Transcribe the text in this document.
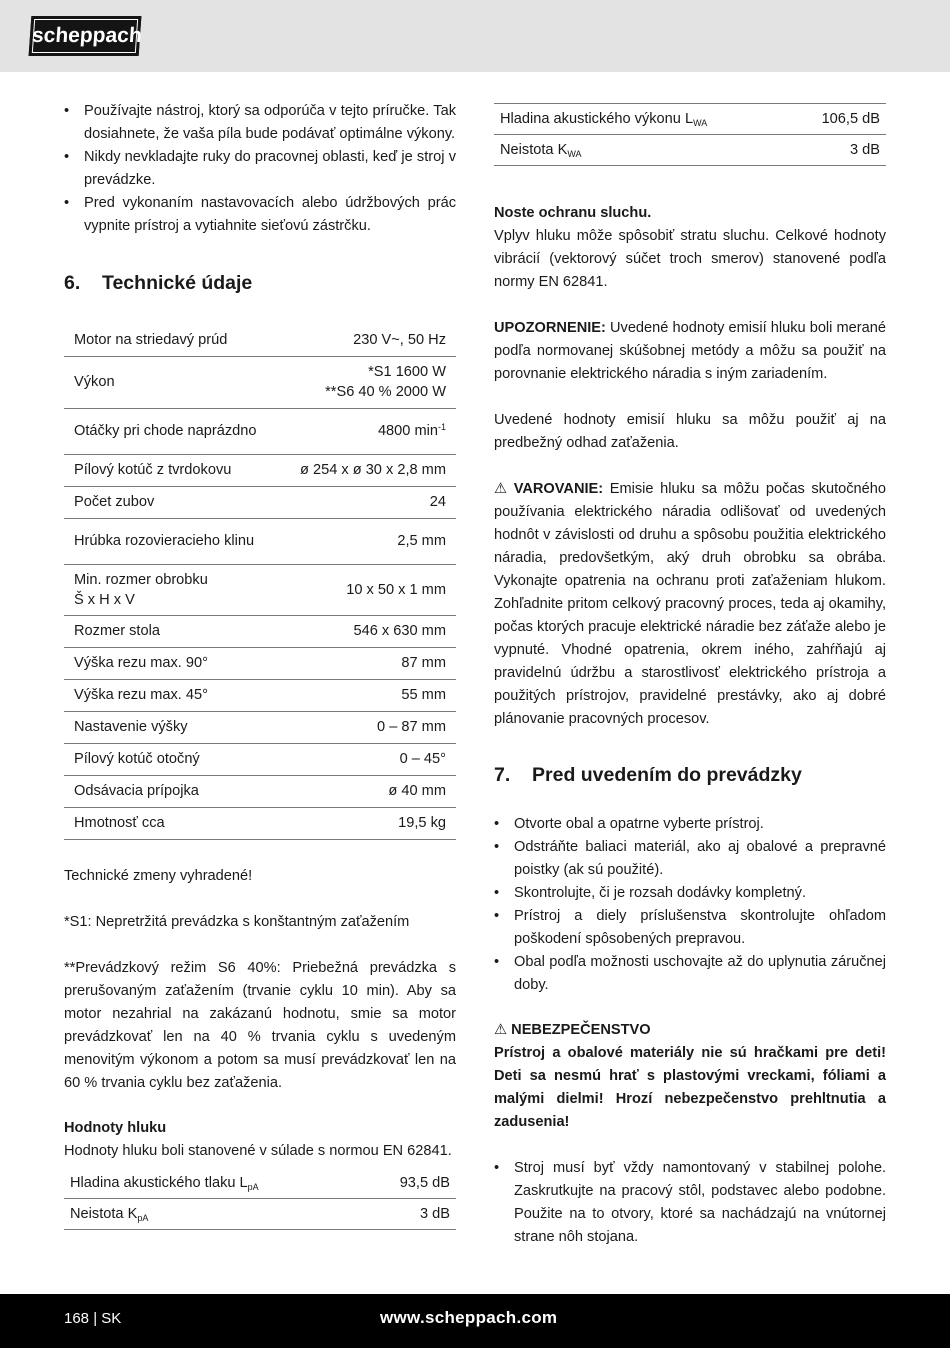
scheppach
• Používajte nástroj, ktorý sa odporúča v tejto príručke. Tak dosiahnete, že vaša píla bude podávať optimálne výkony.
• Nikdy nevkladajte ruky do pracovnej oblasti, keď je stroj v prevádzke.
• Pred vykonaním nastavovacích alebo údržbových prác vypnite prístroj a vytiahnite sieťovú zástrčku.
6.	Technické údaje
Motor na striedavý prúd	230 V~, 50 Hz
Výkon	*S1 1600 W
**S6 40 % 2000 W

Otáčky pri chode naprázdno	4800 $\min^{-1}$
Pílový kotúč z tvrdokovu	ø 254 x ø 30 x 2,8 mm
Počet zubov	24
Hrúbka rozovieracieho klinu	2,5 mm

Min. rozmer obrobku
Š x H x V	10 x 50 x 1 mm
Rozmer stola	546 x 630 mm
Výška rezu max. 90°	87 mm
Výška rezu max. 45°	55 mm
Nastavenie výšky	0 – 87 mm
Pílový kotúč otočný	0 – 45°
Odsávacia prípojka	ø 40 mm
Hmotnosť cca	19,5 kg

Technické zmeny vyhradené!

*S1: Nepretržitá prevádzka s konštantným zaťažením

**Prevádzkový režim S6 40%: Priebežná prevádzka s prerušovaným zaťažením (trvanie cyklu 10 min). Aby sa motor nezahrial na zakázanú hodnotu, smie sa motor prevádzkovať len na 40 % trvania cyklu s uvedeným menovitým výkonom a potom sa musí prevádzkovať len na 60 % trvania cyklu bez zaťaženia.

Hodnoty hluku

Hodnoty hluku boli stanovené v súlade s normou EN 62841.

Hladina akustického tlaku $L_{pA}$	93,5 dB
Neistota $K_{pA}$	3 dB
Hladina akustického výkonu $L_{WA}$	106,5 dB
Neistota $K_{WA}$	3 dB

Noste ochranu sluchu.

Vplyv hluku môže spôsobiť stratu sluchu. Celkové hodnoty vibrácií (vektorový súčet troch smerov) stanovené podľa normy EN 62841.

UPOZORNENIE: Uvedené hodnoty emisií hluku boli merané podľa normovanej skúšobnej metódy a môžu sa použiť na porovnanie elektrického náradia s iným zariadením.

Uvedené hodnoty emisií hluku sa môžu použiť aj na predbežný odhad zaťaženia.

⚠ VAROVANIE: Emisie hluku sa môžu počas skutočného používania elektrického náradia odlišovať od uvedených hodnôt v závislosti od druhu a spôsobu použitia elektrického náradia, predovšetkým, aký druh obrobku sa obrába. Vykonajte opatrenia na ochranu proti zaťaženiam hlukom. Zohľadnite pritom celkový pracovný proces, teda aj okamihy, počas ktorých pracuje elektrické náradie bez záťaže alebo je vypnuté. Vhodné opatrenia, okrem iného, zahŕňajú aj pravidelnú údržbu a starostlivosť elektrického prístroja a použitých prístrojov, pravidelné prestávky, ako aj dobré plánovanie pracovných procesov.

7.	Pred uvedením do prevádzky
• Otvorte obal a opatrne vyberte prístroj.
• Odstráňte baliaci materiál, ako aj obalové a prepravné poistky (ak sú použité).
• Skontrolujte, či je rozsah dodávky kompletný.
• Prístroj a diely príslušenstva skontrolujte ohľadom poškodení spôsobených prepravou.
• Obal podľa možnosti uschovajte až do uplynutia záručnej doby.

⚠ NEBEZPEČENSTVO

Prístroj a obalové materiály nie sú hračkami pre deti! Deti sa nesmú hrať s plastovými vreckami, fóliami a malými dielmi! Hrozí nebezpečenstvo prehltnutia a zadusenia!

• Stroj musí byť vždy namontovaný v stabilnej polohe. Zaskrutkujte na pracový stôl, podstavec alebo podobne. Použite na to otvory, ktoré sa nachádzajú na vnútornej strane nôh stojana.
168 | SK	www.scheppach.com
